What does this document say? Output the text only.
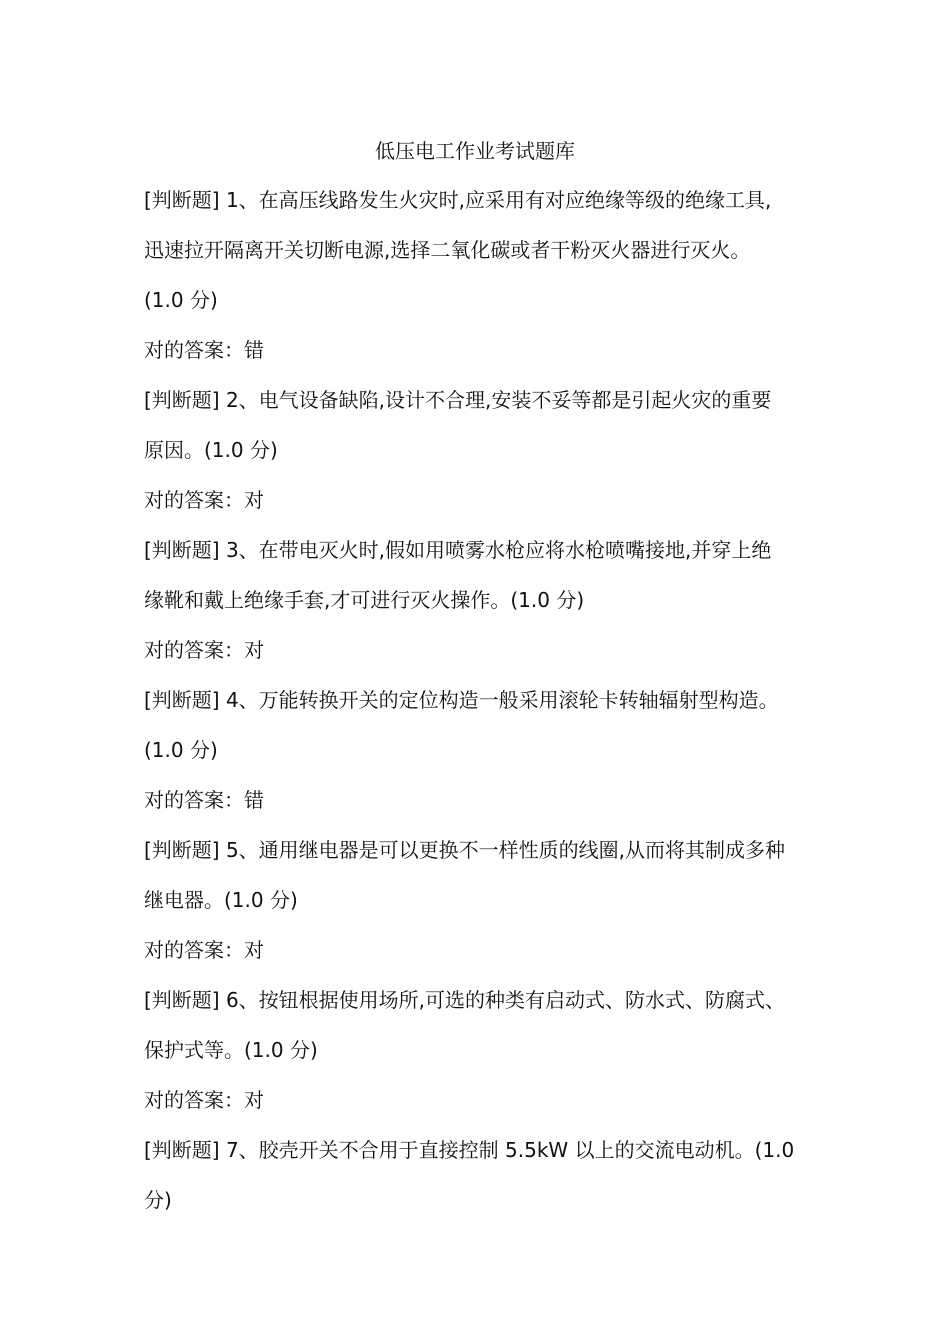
低压电工作业考试题库
[判断题] 1、在高压线路发生火灾时,应采用有对应绝缘等级的绝缘工具,
迅速拉开隔离开关切断电源,选择二氧化碳或者干粉灭火器进行灭火。
(1.0 分)
对的答案：错
[判断题] 2、电气设备缺陷,设计不合理,安装不妥等都是引起火灾的重要
原因。(1.0 分)
对的答案：对
[判断题] 3、在带电灭火时,假如用喷雾水枪应将水枪喷嘴接地,并穿上绝
缘靴和戴上绝缘手套,才可进行灭火操作。(1.0 分)
对的答案：对
[判断题] 4、万能转换开关的定位构造一般采用滚轮卡转轴辐射型构造。
(1.0 分)
对的答案：错
[判断题] 5、通用继电器是可以更换不一样性质的线圈,从而将其制成多种
继电器。(1.0 分)
对的答案：对
[判断题] 6、按钮根据使用场所,可选的种类有启动式、防水式、防腐式、
保护式等。(1.0 分)
对的答案：对
[判断题] 7、胶壳开关不合用于直接控制 5.5kW 以上的交流电动机。(1.0
分)
